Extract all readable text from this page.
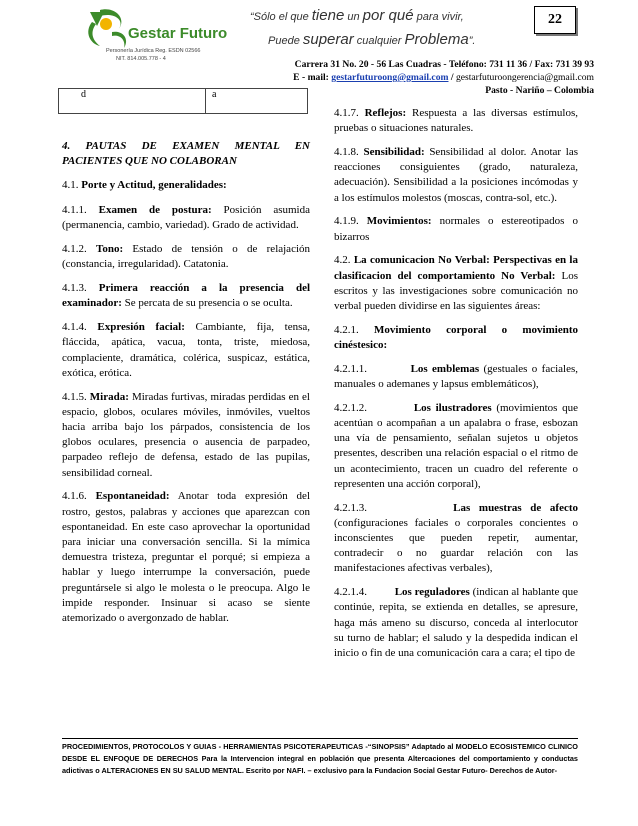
Gestar Futuro
Personería Jurídica Reg. ESDN 02566
NIT. 814.005.778 - 4
“Sólo el que tiene un por qué para vivir,
Puede superar cualquier Problema”.
22
Carrera 31 No. 20 - 56 Las Cuadras - Teléfono: 731 11 36 / Fax: 731 39 93
E - mail: gestarfuturoong@gmail.com / gestarfuturoongerencia@gmail.com
Pasto - Nariño – Colombia
d	a

4. PAUTAS DE EXAMEN MENTAL EN PACIENTES QUE NO COLABORAN

4.1. Porte y Actitud, generalidades:

4.1.1. Examen de postura: Posición asumida (permanencia, cambio, variedad). Grado de actividad.

4.1.2. Tono: Estado de tensión o de relajación (constancia, irregularidad). Catatonia.

4.1.3. Primera reacción a la presencia del examinador: Se percata de su presencia o se oculta.

4.1.4. Expresión facial: Cambiante, fija, tensa, fláccida, apática, vacua, tonta, triste, miedosa, complaciente, dramática, colérica, suspicaz, estática, exótica, erótica.

4.1.5. Mirada: Miradas furtivas, miradas perdidas en el espacio, globos, oculares móviles, inmóviles, vueltos hacia arriba bajo los párpados, consistencia de los globos oculares, presencia o ausencia de parpadeo, parpadeo reflejo de defensa, estado de las pupilas, sensibilidad corneal.

4.1.6. Espontaneidad: Anotar toda expresión del rostro, gestos, palabras y acciones que aparezcan con espontaneidad. En este caso aprovechar la oportunidad para iniciar una conversación sencilla. Si la mímica demuestra tristeza, preguntar el porqué; si empieza a hablar y luego interrumpe la conversación, puede preguntársele si algo le molesta o le preocupa. Algo le impide responder. Insinuar si acaso se siente atemorizado o avergonzado de hablar.

4.1.7. Reflejos: Respuesta a las diversas estímulos, pruebas o situaciones naturales.

4.1.8. Sensibilidad: Sensibilidad al dolor. Anotar las reacciones consiguientes (grado, naturaleza, adecuación). Sensibilidad a la posiciones incómodas y a los estímulos molestos (moscas, contra-sol, etc.).

4.1.9. Movimientos: normales o estereotipados o bizarros

4.2. La comunicacion No Verbal: Perspectivas en la clasificacion del comportamiento No Verbal: Los escritos y las investigaciones sobre comunicación no verbal pueden dividirse en las siguientes áreas:

4.2.1. Movimiento corporal o movimiento cinéstesico:

4.2.1.1.          Los emblemas (gestuales o faciales, manuales o ademanes y lapsus emblemáticos),

4.2.1.2.          Los ilustradores (movimientos que acentúan o acompañan a un apalabra o frase, esbozan una vía de pensamiento, señalan sujetos u objetos presentes, describen una relación espacial o el ritmo de un acontecimiento, tracen un cuadro del referente o representen una acción corporal),

4.2.1.3.          Las muestras de afecto (configuraciones faciales o corporales concientes o inconscientes que pueden repetir, aumentar, contradecir o no guardar relación con las manifestaciones afectivas verbales),

4.2.1.4.          Los reguladores (indican al hablante que continúe, repita, se extienda en detalles, se apresure, haga más ameno su discurso, conceda al interlocutor su turno de hablar; el saludo y la despedida indican el inicio o fin de una comunicación cara a cara; el tipo de

PROCEDIMIENTOS, PROTOCOLOS Y GUIAS - HERRAMIENTAS PSICOTERAPEUTICAS -“SINOPSIS” Adaptado al MODELO ECOSISTEMICO CLINICO DESDE EL ENFOQUE DE DERECHOS Para la Intervencion integral en población que presenta Altercaciones del comportamiento y conductas adictivas o ALTERACIONES EN SU SALUD MENTAL. Escrito por NAFI. – exclusivo para la Fundacion Social Gestar Futuro- Derechos de Autor-
